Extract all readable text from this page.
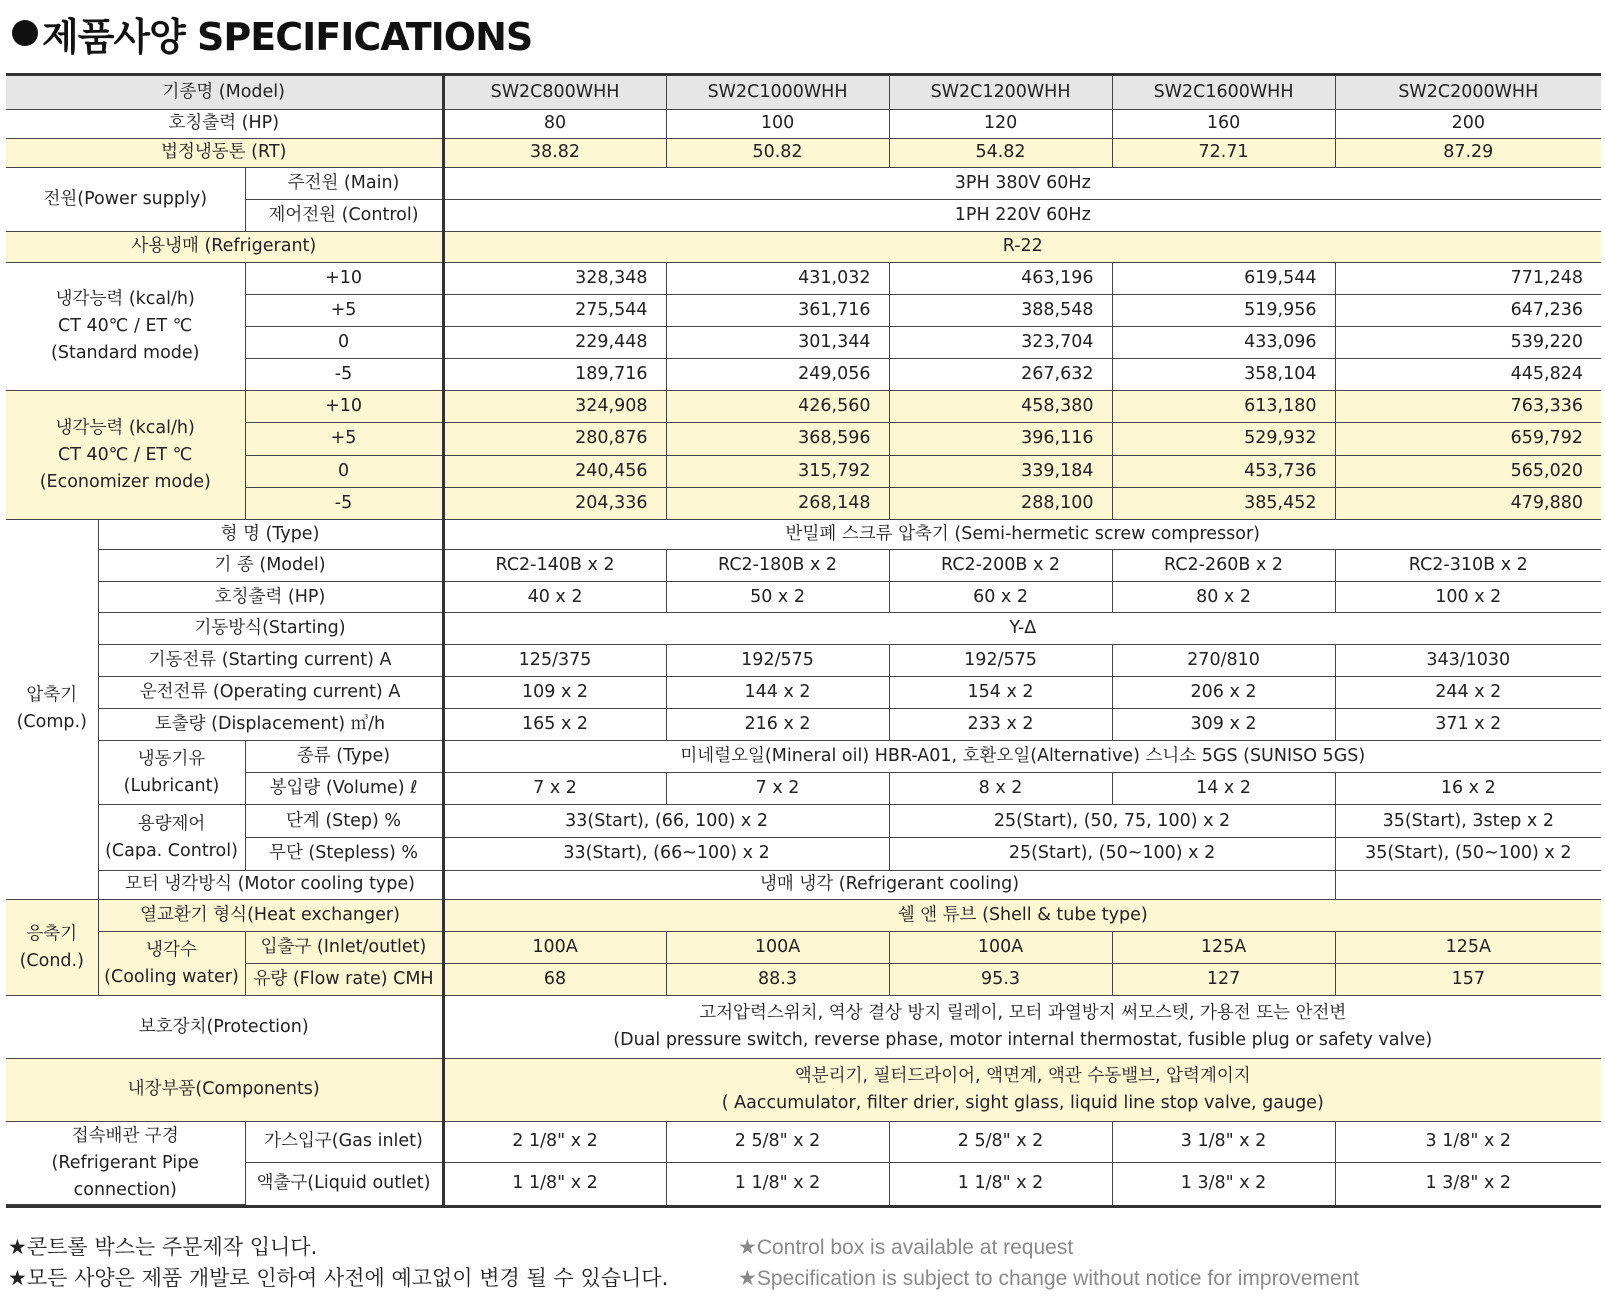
제품사양 SPECIFICATIONS
기종명 (Model)			SW2C800WHH	SW2C1000WHH	SW2C1200WHH	SW2C1600WHH	SW2C2000WHH
호칭출력 (HP)			80	100	120	160	200
법정냉동톤 (RT)			38.82	50.82	54.82	72.71	87.29
전원(Power supply)		주전원 (Main)	3PH 380V 60Hz				
		제어전원 (Control)	1PH 220V 60Hz				
사용냉매 (Refrigerant)			R-22				

냉각능력 (kcal/h)
CT 40℃ / ET ℃
(Standard mode)		+10	328,348	431,032	463,196	619,544	771,248
		+5	275,544	361,716	388,548	519,956	647,236
		0	229,448	301,344	323,704	433,096	539,220
		-5	189,716	249,056	267,632	358,104	445,824

냉각능력 (kcal/h)
CT 40℃ / ET ℃
(Economizer mode)		+10	324,908	426,560	458,380	613,180	763,336
		+5	280,876	368,596	396,116	529,932	659,792
		0	240,456	315,792	339,184	453,736	565,020
		-5	204,336	268,148	288,100	385,452	479,880

압축기
(Comp.)	형 명 (Type)		반밀폐 스크류 압축기 (Semi-hermetic screw compressor)				
	기 종 (Model)		RC2-140B x 2	RC2-180B x 2	RC2-200B x 2	RC2-260B x 2	RC2-310B x 2
	호칭출력 (HP)		40 x 2	50 x 2	60 x 2	80 x 2	100 x 2
	기동방식(Starting)		Y-Δ				
	기동전류 (Starting current) A		125/375	192/575	192/575	270/810	343/1030
	운전전류 (Operating current) A		109 x 2	144 x 2	154 x 2	206 x 2	244 x 2
	토출량 (Displacement) ㎥/h		165 x 2	216 x 2	233 x 2	309 x 2	371 x 2

	냉동기유
(Lubricant)	종류 (Type)	미네럴오일(Mineral oil) HBR-A01, 호환오일(Alternative) 스니소 5GS (SUNISO 5GS)				
		봉입량 (Volume) ℓ	7 x 2	7 x 2	8 x 2	14 x 2	16 x 2

	용량제어
(Capa. Control)	단계 (Step) %	33(Start), (66, 100) x 2		25(Start), (50, 75, 100) x 2		35(Start), 3step x 2
		무단 (Stepless) %	33(Start), (66~100) x 2		25(Start), (50~100) x 2		35(Start), (50~100) x 2
	모터 냉각방식 (Motor cooling type)		냉매 냉각 (Refrigerant cooling)				

응축기
(Cond.)	열교환기 형식(Heat exchanger)		쉘 앤 튜브 (Shell & tube type)				

	냉각수
(Cooling water)	입출구 (Inlet/outlet)	100A	100A	100A	125A	125A
		유량 (Flow rate) CMH	68	88.3	95.3	127	157
보호장치(Protection)			고저압력스위치, 역상 결상 방지 릴레이, 모터 과열방지 써모스텟, 가용전 또는 안전변
(Dual pressure switch, reverse phase, motor internal thermostat, fusible plug or safety valve)				

내장부품(Components)			액분리기, 필터드라이어, 액면계, 액관 수동밸브, 압력계이지
( Aaccumulator, filter drier, sight glass, liquid line stop valve, gauge)				

접속배관 구경
(Refrigerant Pipe connection)		가스입구(Gas inlet)	2 1/8" x 2	2 5/8" x 2	2 5/8" x 2	3 1/8" x 2	3 1/8" x 2
		액출구(Liquid outlet)	1 1/8" x 2	1 1/8" x 2	1 1/8" x 2	1 3/8" x 2	1 3/8" x 2
★콘트롤 박스는 주문제작 입니다.
★모든 사양은 제품 개발로 인하여 사전에 예고없이 변경 될 수 있습니다.
★Control box is available at request
★Specification is subject to change without notice for improvement
